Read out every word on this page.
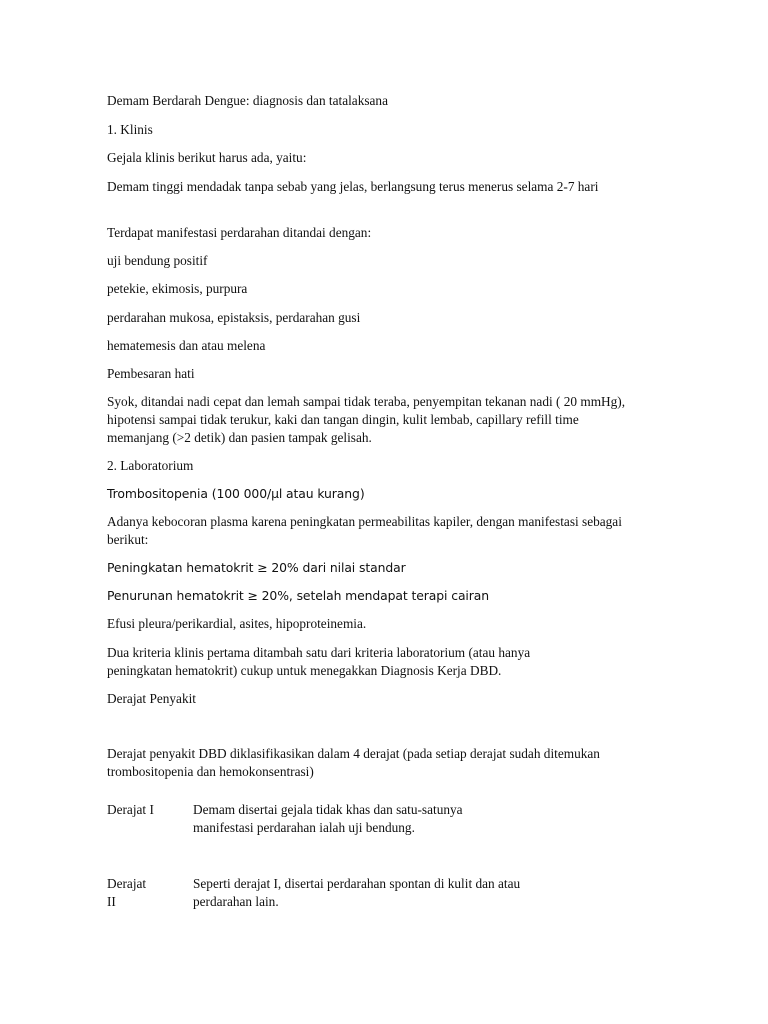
Demam Berdarah Dengue: diagnosis dan tatalaksana

1. Klinis

Gejala klinis berikut harus ada, yaitu:

Demam tinggi mendadak tanpa sebab yang jelas, berlangsung terus menerus selama 2-7 hari

Terdapat manifestasi perdarahan ditandai dengan:

uji bendung positif

petekie, ekimosis, purpura

perdarahan mukosa, epistaksis, perdarahan gusi

hematemesis dan atau melena

Pembesaran hati

Syok, ditandai nadi cepat dan lemah sampai tidak teraba, penyempitan tekanan nadi ( 20 mmHg), hipotensi sampai tidak terukur, kaki dan tangan dingin, kulit lembab, capillary refill time memanjang (>2 detik) dan pasien tampak gelisah.

2. Laboratorium

Trombositopenia (100 000/μl atau kurang)

Adanya kebocoran plasma karena peningkatan permeabilitas kapiler, dengan manifestasi sebagai berikut:

Peningkatan hematokrit ≥ 20% dari nilai standar

Penurunan hematokrit ≥ 20%, setelah mendapat terapi cairan

Efusi pleura/perikardial, asites, hipoproteinemia.

Dua kriteria klinis pertama ditambah satu dari kriteria laboratorium (atau hanya peningkatan hematokrit) cukup untuk menegakkan Diagnosis Kerja DBD.

Derajat Penyakit

Derajat penyakit DBD diklasifikasikan dalam 4 derajat (pada setiap derajat sudah ditemukan trombositopenia dan hemokonsentrasi)

Derajat I	Demam disertai gejala tidak khas dan satu-satunya manifestasi perdarahan ialah uji bendung.

Derajat II

Seperti derajat I, disertai perdarahan spontan di kulit dan atau perdarahan lain.
